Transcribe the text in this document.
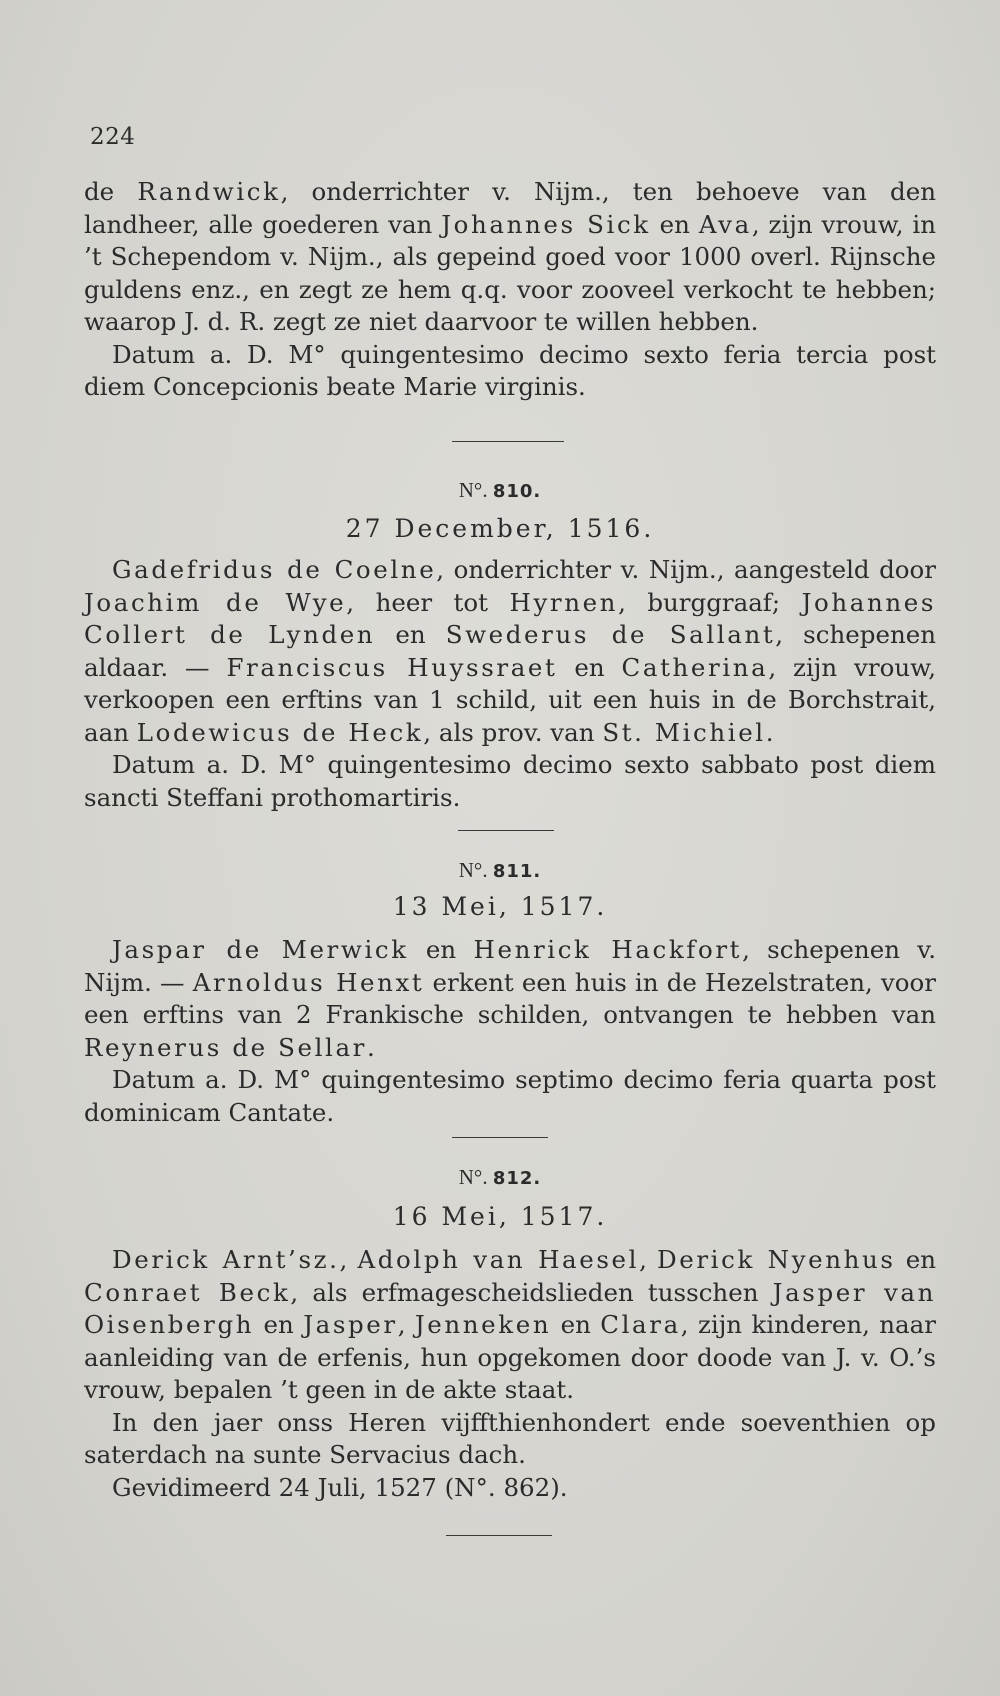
224
de Randwick, onderrichter v. Nijm., ten behoeve van den landheer, alle goederen van Johannes Sick en Ava, zijn vrouw, in ’t Schependom v. Nijm., als gepeind goed voor 1000 overl. Rijnsche guldens enz., en zegt ze hem q.q. voor zooveel verkocht te hebben; waarop J. d. R. zegt ze niet daarvoor te willen hebben.
Datum a. D. M° quingentesimo decimo sexto feria tercia post diem Concepcionis beate Marie virginis.
N°. 810.
27 December, 1516.
Gadefridus de Coelne, onderrichter v. Nijm., aangesteld door Joachim de Wye, heer tot Hyrnen, burggraaf; Johannes Collert de Lynden en Swederus de Sallant, schepenen aldaar. — Franciscus Huyssraet en Catherina, zijn vrouw, verkoopen een erftins van 1 schild, uit een huis in de Borchstrait, aan Lodewicus de Heck, als prov. van St. Michiel.
Datum a. D. M° quingentesimo decimo sexto sabbato post diem sancti Steffani prothomartiris.
N°. 811.
13 Mei, 1517.
Jaspar de Merwick en Henrick Hackfort, schepenen v. Nijm. — Arnoldus Henxt erkent een huis in de Hezelstraten, voor een erftins van 2 Frankische schilden, ontvangen te hebben van Reynerus de Sellar.
Datum a. D. M° quingentesimo septimo decimo feria quarta post dominicam Cantate.
N°. 812.
16 Mei, 1517.
Derick Arnt’sz., Adolph van Haesel, Derick Nyenhus en Conraet Beck, als erfmagescheidslieden tusschen Jasper van Oisenbergh en Jasper, Jenneken en Clara, zijn kinderen, naar aanleiding van de erfenis, hun opgekomen door doode van J. v. O.’s vrouw, bepalen ’t geen in de akte staat.
In den jaer onss Heren vijffthienhondert ende soeventhien op saterdach na sunte Servacius dach.
Gevidimeerd 24 Juli, 1527 (N°. 862).
